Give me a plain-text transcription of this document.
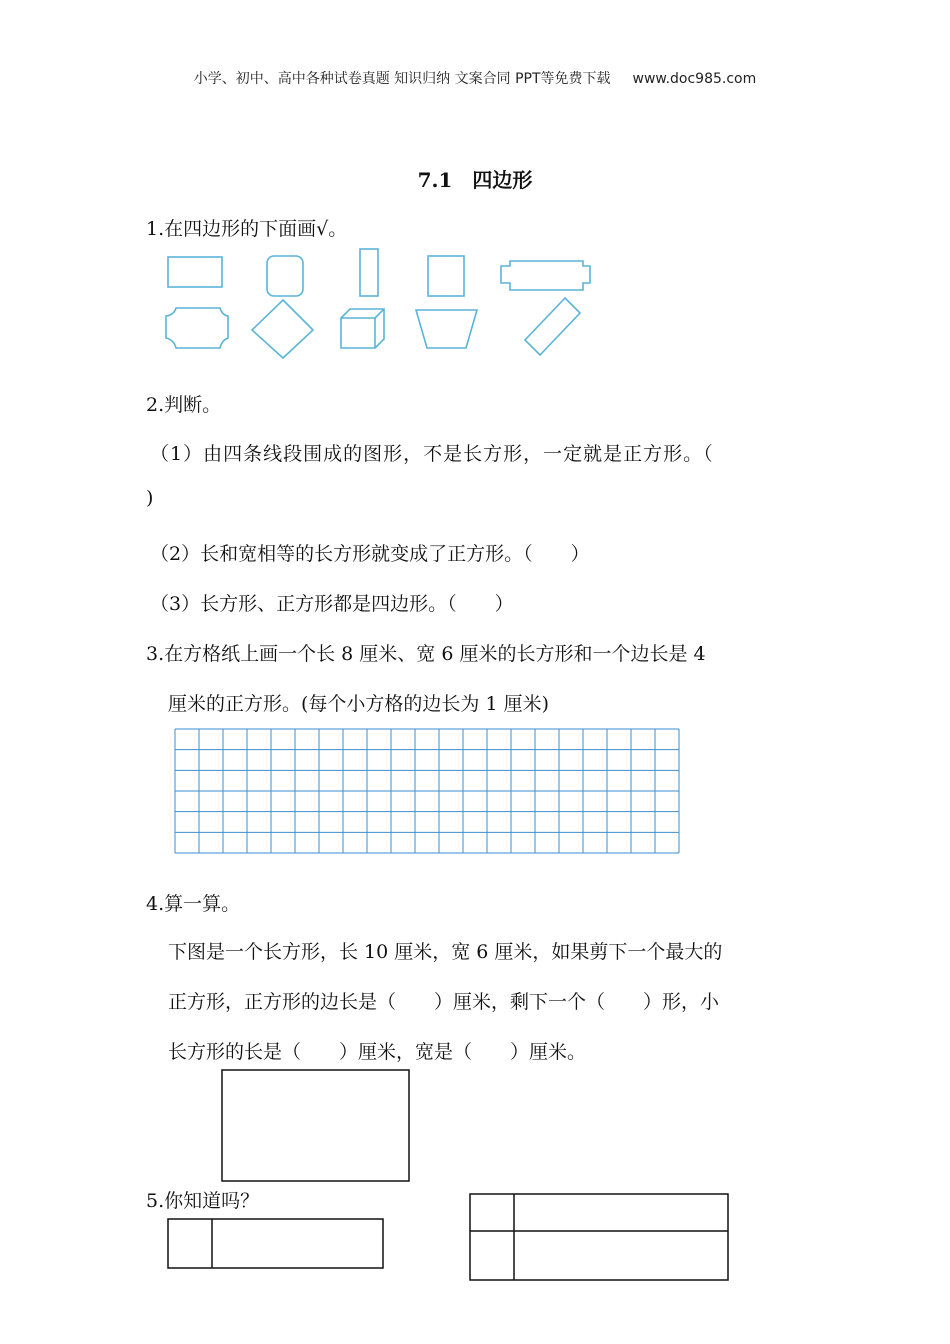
小学、初中、高中各种试卷真题 知识归纳 文案合同 PPT等免费下载 www.doc985.com
7.1　四边形
1.在四边形的下面画√。
2.判断。
（1）由四条线段围成的图形，不是长方形，一定就是正方形。（
)
（2）长和宽相等的长方形就变成了正方形。（　　）
（3）长方形、正方形都是四边形。（　　）
3.在方格纸上画一个长 8 厘米、宽 6 厘米的长方形和一个边长是 4
厘米的正方形。(每个小方格的边长为 1 厘米)
4.算一算。
下图是一个长方形，长 10 厘米，宽 6 厘米，如果剪下一个最大的
正方形，正方形的边长是（　　）厘米，剩下一个（　　）形，小
长方形的长是（　　）厘米，宽是（　　）厘米。
5.你知道吗？
